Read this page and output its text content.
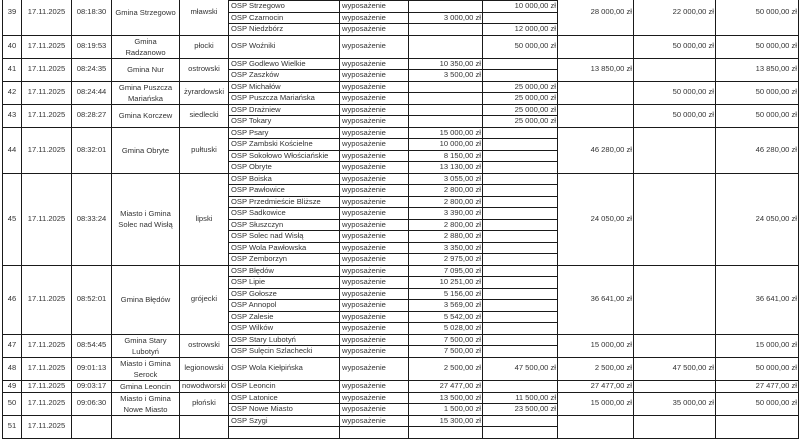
39	17.11.2025	08:18:30	Gmina Strzegowo	mławski					28 000,00 zł	22 000,00 zł	50 000,00 zł
					OSP Strzegowo	wyposażenie		10 000,00 zł			
					OSP Czarnocin	wyposażenie	3 000,00 zł				
					OSP Niedzbórz	wyposażenie		12 000,00 zł			
40	17.11.2025	08:19:53	Gmina Radzanowo	płocki	OSP Woźniki	wyposażenie		50 000,00 zł		50 000,00 zł	50 000,00 zł

41	17.11.2025	08:24:35	Gmina Nur	ostrowski	OSP Godlewo Wielkie	wyposażenie	10 350,00 zł		13 850,00 zł		13 850,00 zł
					OSP Zaszków	wyposażenie	3 500,00 zł				
42	17.11.2025	08:24:44	Gmina Puszcza Mariańska	żyrardowski	OSP Michałów	wyposażenie		25 000,00 zł		50 000,00 zł	50 000,00 zł
					OSP Puszcza Mariańska	wyposażenie		25 000,00 zł			
43	17.11.2025	08:28:27	Gmina Korczew	siedlecki	OSP Drażniew	wyposażenie		25 000,00 zł		50 000,00 zł	50 000,00 zł
					OSP Tokary	wyposażenie		25 000,00 zł			
44	17.11.2025	08:32:01	Gmina Obryte	pułtuski	OSP Psary	wyposażenie	15 000,00 zł		46 280,00 zł		46 280,00 zł
					OSP Zambski Kościelne	wyposażenie	10 000,00 zł				
					OSP Sokołowo Włościańskie	wyposażenie	8 150,00 zł				
					OSP Obryte	wyposażenie	13 130,00 zł				
45	17.11.2025	08:33:24	Miasto i Gmina Solec nad Wisłą	lipski	OSP Boiska	wyposażenie	3 055,00 zł		24 050,00 zł		24 050,00 zł
					OSP Pawłowice	wyposażenie	2 800,00 zł				
					OSP Przedmieście Bliższe	wyposażenie	2 800,00 zł				
					OSP Sadkowice	wyposażenie	3 390,00 zł				
					OSP Słuszczyn	wyposażenie	2 800,00 zł				
					OSP Solec nad Wisłą	wyposażenie	2 880,00 zł				
					OSP Wola Pawłowska	wyposażenie	3 350,00 zł				
					OSP Zemborzyn	wyposażenie	2 975,00 zł				
46	17.11.2025	08:52:01	Gmina Błędów	grójecki	OSP Błędów	wyposażenie	7 095,00 zł		36 641,00 zł		36 641,00 zł
					OSP Lipie	wyposażenie	10 251,00 zł				
					OSP Gołosze	wyposażenie	5 156,00 zł				
					OSP Annopol	wyposażenie	3 569,00 zł				
					OSP Zalesie	wyposażenie	5 542,00 zł				
					OSP Wilków	wyposażenie	5 028,00 zł				
47	17.11.2025	08:54:45	Gmina Stary Lubotyń	ostrowski	OSP Stary Lubotyń	wyposażenie	7 500,00 zł		15 000,00 zł		15 000,00 zł
					OSP Sulęcin Szlachecki	wyposażenie	7 500,00 zł				
48	17.11.2025	09:01:13	Miasto i Gmina Serock	legionowski	OSP Wola Kiełpińska	wyposażenie	2 500,00 zł	47 500,00 zł	2 500,00 zł	47 500,00 zł	50 000,00 zł

49	17.11.2025	09:03:17	Gmina Leoncin	nowodworski	OSP Leoncin	wyposażenie	27 477,00 zł		27 477,00 zł		27 477,00 zł

50	17.11.2025	09:06:30	Miasto i Gmina Nowe Miasto	płoński	OSP Latonice	wyposażenie	13 500,00 zł	11 500,00 zł	15 000,00 zł	35 000,00 zł	50 000,00 zł
					OSP Nowe Miasto	wyposażenie	1 500,00 zł	23 500,00 zł			
51	17.11.2025				OSP Szygi	wyposażenie	15 300,00 zł				
